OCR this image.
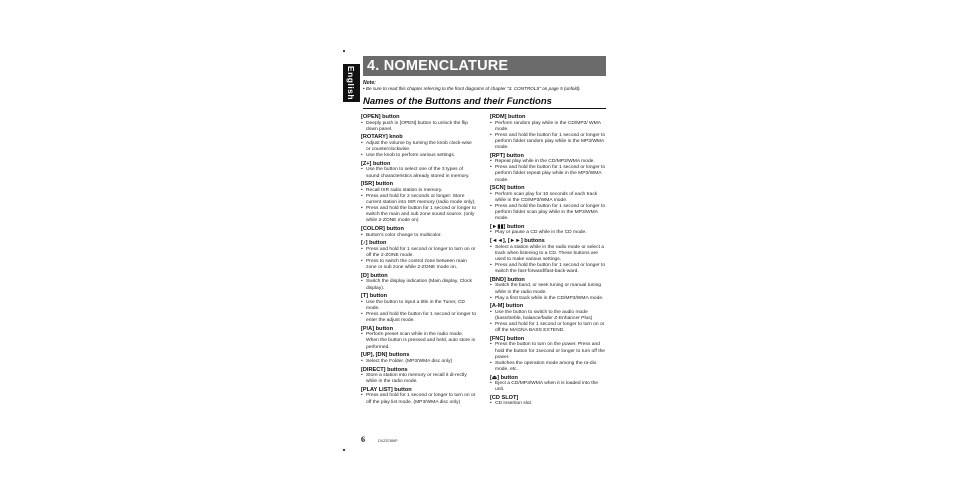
English 4. NOMENCLATURE
Note:
• Be sure to read this chapter referring to the front diagrams of chapter "3. CONTROLS" on page 5 (unfold).
Names of the Buttons and their Functions
[OPEN] button
• Deeply push in [OPEN] button to unlock the flip down panel.
[ROTARY] knob
• Adjust the volume by turning the knob clock-wise or counterclockwise.
• Use the knob to perform various settings.
[Z+] button
• Use the button to select one of the 3 types of sound characteristics already stored in memory.
[ISR] button
• Recall ISR radio station in memory.
• Press and hold for 2 seconds or longer: Store current station into ISR memory (radio mode only).
• Press and hold the button for 1 second or longer to switch the main and sub zone sound source. (only while 2-ZONE mode on)
[COLOR] button
• Button's color change to multicolor.
[♪] button
• Press and hold for 1 second or longer to turn on or off the 2-ZONE mode.
• Press to switch the control zone between main zone or sub zone while 2-ZONE mode on.
[D] button
• Switch the display indication (Main display, Clock display).
[T] button
• Use the button to input a title in the Tuner, CD mode.
• Press and hold the button for 1 second or longer to enter the adjust mode.
[P/A] button
• Perform preset scan while in the radio mode. When the button is pressed and held, auto store is performed.
[UP], [DN] buttons
• Select the Folder. (MP3/WMA disc only)
[DIRECT] buttons
• Store a station into memory or recall it di-rectly while in the radio mode.
[PLAY LIST] button
• Press and hold for 1 second or longer to turn on or off the play list mode. (MP3/WMA disc only)
[RDM] button
• Perform random play while in the CD/MP3/ WMA mode.
• Press and hold the button for 1 second or longer to perform folder random play while in the MP3/WMA mode.
[RPT] button
• Repeat play while in the CD/MP3/WMA mode.
• Press and hold the button for 1 second or longer to perform folder repeat play while in the MP3/WMA mode.
[SCN] button
• Perform scan play for 10 seconds of each track while in the CD/MP3/WMA mode.
• Press and hold the button for 1 second or longer to perform folder scan play while in the MP3/WMA mode.
[►▮▮] button
• Play or pause a CD while in the CD mode.
[◄◄], [►►] buttons
• Select a station while in the radio mode or select a track when listening to a CD. These buttons are used to make various settings.
• Press and hold the button for 1 second or longer to switch the fast-forward/fast-back-ward.
[BND] button
• Switch the band, or seek tuning or manual tuning while in the radio mode.
• Play a first track while in the CD/MP3/WMA mode.
[A-M] button
• Use the button to switch to the audio mode (bass/treble, balance/fader Z-Enhancer Plus)
• Press and hold for 1 second or longer to turn on or off the MAGNA BASS EXTEND.
[FNC] button
• Press the button to turn on the power. Press and hold the button for 1second or longer to turn off the power.
• Switches the operation mode among the ra-dio mode, etc.
[⏏] button
• Eject a CD/MP3/WMA when it is loaded into the unit.
[CD SLOT]
• CD insertion slot.
6	DXZ578MP
